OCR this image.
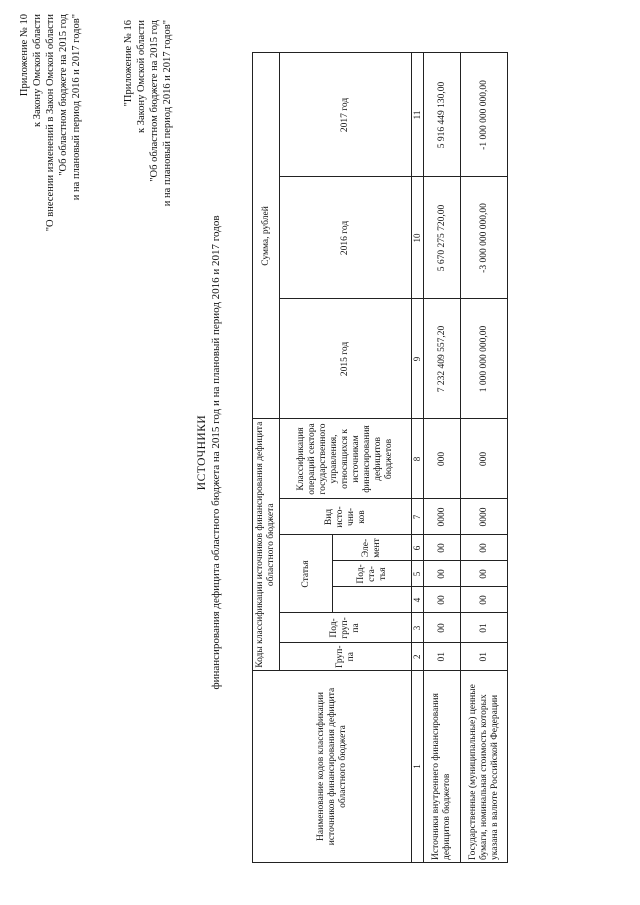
Приложение № 10 к Закону Омской области "О внесении изменений в Закон Омской области "Об областном бюджете на 2015 год и на плановый период 2016 и 2017 годов"	"Приложение № 16 к Закону Омской области "Об областном бюджете на 2015 год и на плановый период 2016 и 2017 годов"
ИСТОЧНИКИ финансирования дефицита областного бюджета на 2015 год и на плановый период 2016 и 2017 годов
Наименование кодов классификации источников финансирования дефицита областного бюджета	Коды классификации источников финансирования дефицита областного бюджета							Сумма, рублей		
	Груп-па	Под-груп-па	Статья			Вид исто-чни-ков	Классификация операций сектора государственного управления, относящихся к источникам финансирования дефицитов бюджетов	2015 год	2016 год	2017 год
				Под-ста-тья	Эле-мент					
1	2	3	4	5	6	7	8	9	10	11
Источники внутреннего финансирования дефицитов бюджетов	01	00	00	00	00	0000	000	7 232 409 557,20	5 670 275 720,00	5 916 449 130,00
Государственные (муниципальные) ценные бумаги, номинальная стоимость которых указана в валюте Российской Федерации	01	01	00	00	00	0000	000	1 000 000 000,00	-3 000 000 000,00	-1 000 000 000,00
